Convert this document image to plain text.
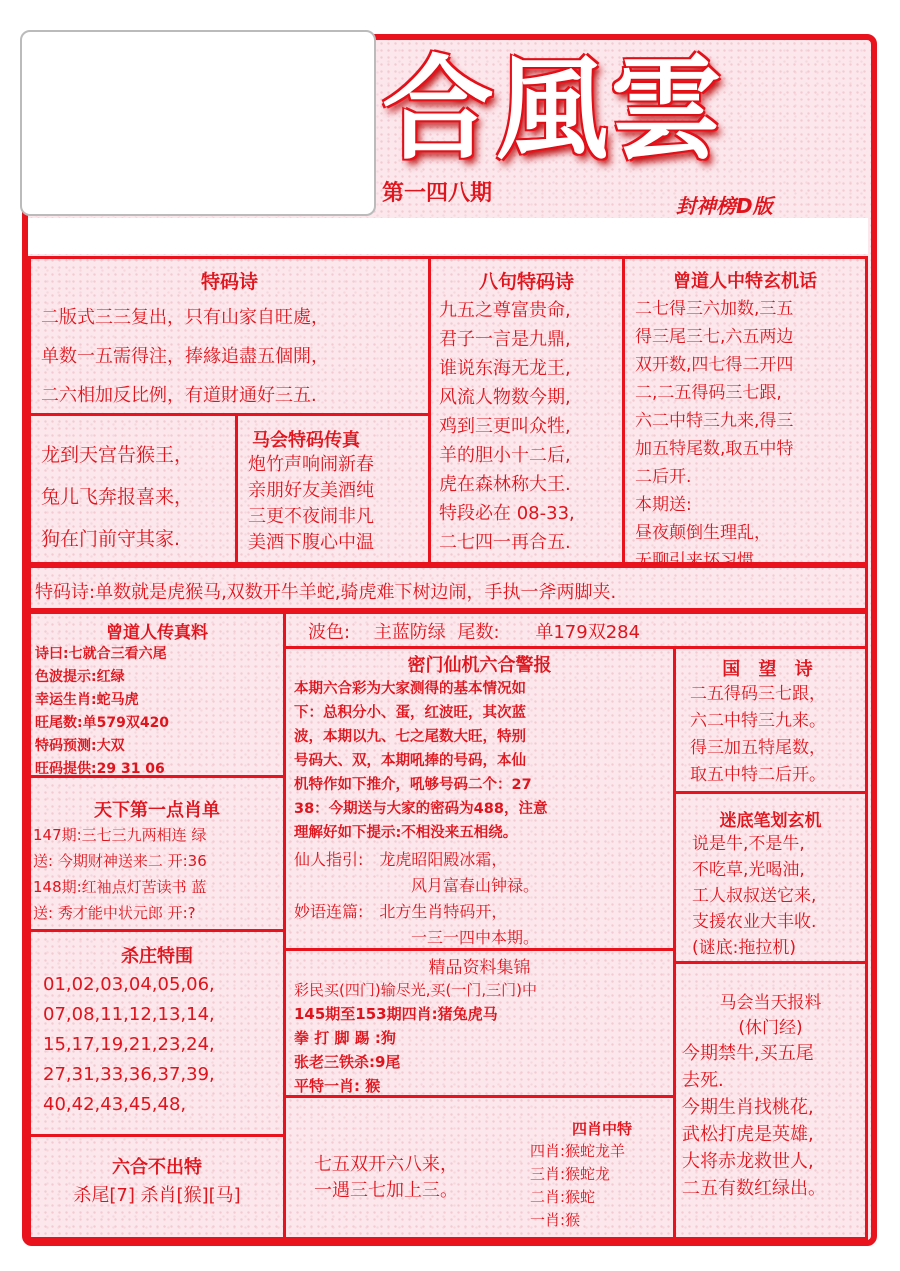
合風雲
第一四八期	封神榜D版
特码诗
二版式三三复出，只有山家自旺處，
单数一五需得注，捧緣追盡五個開，
二六相加反比例，有道財通好三五.
龙到天宫告猴王，
兔儿飞奔报喜来，
狗在门前守其家.
马会特码传真
炮竹声响闹新春
亲朋好友美酒纯
三更不夜闹非凡
美酒下腹心中温
八句特码诗
九五之尊富贵命,
君子一言是九鼎,
谁说东海无龙王,
风流人物数今期,
鸡到三更叫众牲,
羊的胆小十二后,
虎在森林称大王.
特段必在 08-33,
二七四一再合五.
曾道人中特玄机话
二七得三六加数,三五
得三尾三七,六五两边
双开数,四七得二开四
二,二五得码三七跟,
六二中特三九来,得三
加五特尾数,取五中特
二后开.
本期送:
昼夜颠倒生理乱，
无聊引来坏习惯.
特码诗:单数就是虎猴马,双数开牛羊蛇,骑虎难下树边闹，手执一斧两脚夹.
曾道人传真料
诗曰:七就合三看六尾
色波提示:红绿
幸运生肖:蛇马虎
旺尾数:单579双420
特码预测:大双
旺码提供:29 31 06
天下第一点肖单
147期:三七三九两相连 绿
送: 今期财神送来二 开:36
148期:红袖点灯苦读书 蓝
送: 秀才能中状元郎 开:?
杀庄特围
01,02,03,04,05,06,
07,08,11,12,13,14,
15,17,19,21,23,24,
27,31,33,36,37,39,
40,42,43,45,48,
六合不出特
杀尾[7] 杀肖[猴][马]
波色: 主蓝防绿 尾数: 单179双284
密门仙机六合警报
本期六合彩为大家测得的基本情况如
下：总积分小、蛋，红波旺，其次蓝
波，本期以九、七之尾数大旺，特别
号码大、双，本期吼捧的号码，本仙
机特作如下推介，吼够号码二个：27
38：今期送与大家的密码为488，注意
理解好如下提示:不相没来五相绕。
仙人指引: 龙虎昭阳殿冰霜，
风月富春山钟禄。
妙语连篇: 北方生肖特码开，
一三一四中本期。
国 望 诗
二五得码三七跟，
六二中特三九来。
得三加五特尾数，
取五中特二后开。
迷底笔划玄机
说是牛,不是牛,
不吃草,光喝油,
工人叔叔送它来,
支援农业大丰收.
(谜底:拖拉机)
精品资料集锦
彩民买(四门)输尽光,买(一门,三门)中
145期至153期四肖:猪兔虎马
拳 打 脚 踢 :狗
张老三铁杀:9尾
平特一肖: 猴
马会当天报料
(休门经)
今期禁牛,买五尾
去死.
今期生肖找桃花,
武松打虎是英雄,
大将赤龙救世人,
二五有数红绿出。
七五双开六八来，
一遇三七加上三。
四肖中特
四肖:猴蛇龙羊
三肖:猴蛇龙
二肖:猴蛇
一肖:猴
